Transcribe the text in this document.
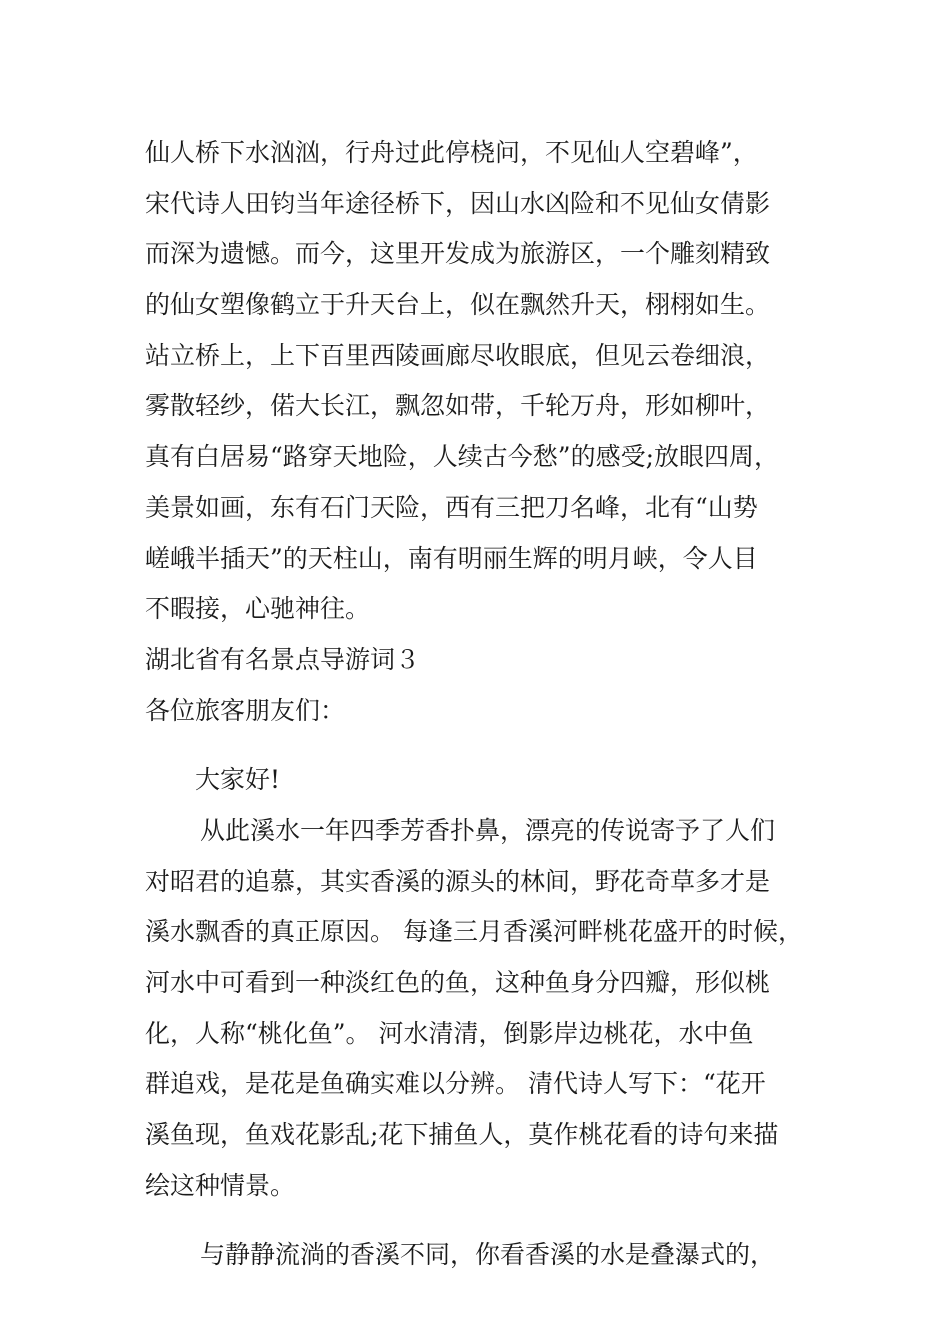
仙人桥下水汹汹，行舟过此停桡问，不见仙人空碧峰”，
宋代诗人田钧当年途径桥下，因山水凶险和不见仙女倩影
而深为遗憾。而今，这里开发成为旅游区，一个雕刻精致
的仙女塑像鹤立于升天台上，似在飘然升天，栩栩如生。
站立桥上，上下百里西陵画廊尽收眼底，但见云卷细浪，
雾散轻纱，偌大长江，飘忽如带，千轮万舟，形如柳叶，
真有白居易“路穿天地险，人续古今愁”的感受;放眼四周，
美景如画，东有石门天险，西有三把刀名峰，北有“山势
嵯峨半插天”的天柱山，南有明丽生辉的明月峡，令人目
不暇接，心驰神往。
湖北省有名景点导游词３
各位旅客朋友们：
大家好!
从此溪水一年四季芳香扑鼻，漂亮的传说寄予了人们
对昭君的追慕，其实香溪的源头的林间，野花奇草多才是
溪水飘香的真正原因。 每逢三月香溪河畔桃花盛开的时候，
河水中可看到一种淡红色的鱼，这种鱼身分四瓣，形似桃
化，人称“桃化鱼”。 河水清清，倒影岸边桃花，水中鱼
群追戏，是花是鱼确实难以分辨。 清代诗人写下：“花开
溪鱼现，鱼戏花影乱;花下捕鱼人，莫作桃花看的诗句来描
绘这种情景。
与静静流淌的香溪不同，你看香溪的水是叠瀑式的，
